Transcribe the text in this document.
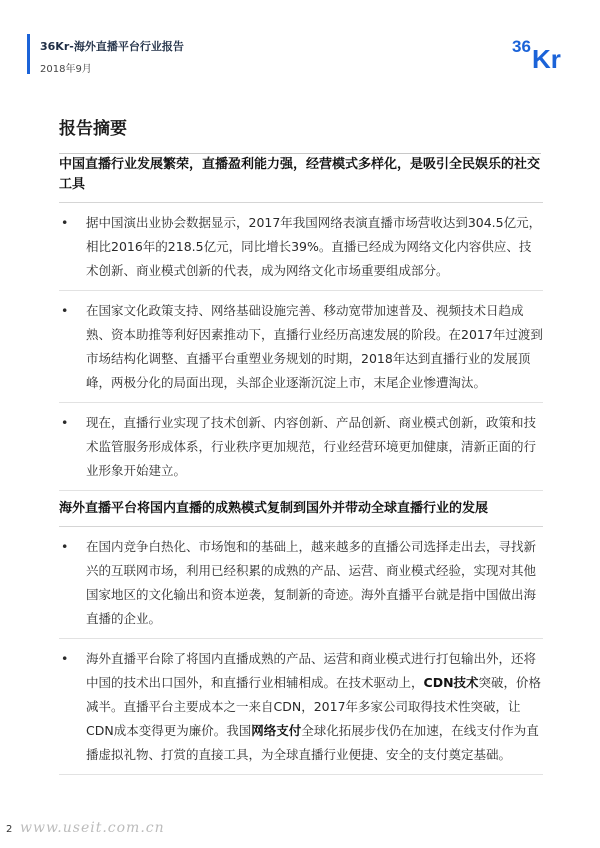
36Kr-海外直播平台行业报告
2018年9月
36 Kr
报告摘要
中国直播行业发展繁荣，直播盈利能力强，经营模式多样化，是吸引全民娱乐的社交工具
• 据中国演出业协会数据显示，2017年我国网络表演直播市场营收达到304.5亿元，相比2016年的218.5亿元，同比增长39%。直播已经成为网络文化内容供应、技术创新、商业模式创新的代表，成为网络文化市场重要组成部分。
• 在国家文化政策支持、网络基础设施完善、移动宽带加速普及、视频技术日趋成熟、资本助推等利好因素推动下，直播行业经历高速发展的阶段。在2017年过渡到市场结构化调整、直播平台重塑业务规划的时期，2018年达到直播行业的发展顶峰，两极分化的局面出现，头部企业逐渐沉淀上市，末尾企业惨遭淘汰。
• 现在，直播行业实现了技术创新、内容创新、产品创新、商业模式创新，政策和技术监管服务形成体系，行业秩序更加规范，行业经营环境更加健康，清新正面的行业形象开始建立。
海外直播平台将国内直播的成熟模式复制到国外并带动全球直播行业的发展
• 在国内竞争白热化、市场饱和的基础上，越来越多的直播公司选择走出去，寻找新兴的互联网市场，利用已经积累的成熟的产品、运营、商业模式经验，实现对其他国家地区的文化输出和资本逆袭，复制新的奇迹。海外直播平台就是指中国做出海直播的企业。
• 海外直播平台除了将国内直播成熟的产品、运营和商业模式进行打包输出外，还将中国的技术出口国外，和直播行业相辅相成。在技术驱动上，CDN技术突破，价格减半。直播平台主要成本之一来自CDN，2017年多家公司取得技术性突破，让CDN成本变得更为廉价。我国网络支付全球化拓展步伐仍在加速，在线支付作为直播虚拟礼物、打赏的直接工具，为全球直播行业便捷、安全的支付奠定基础。
www.useit.com.cn
2
